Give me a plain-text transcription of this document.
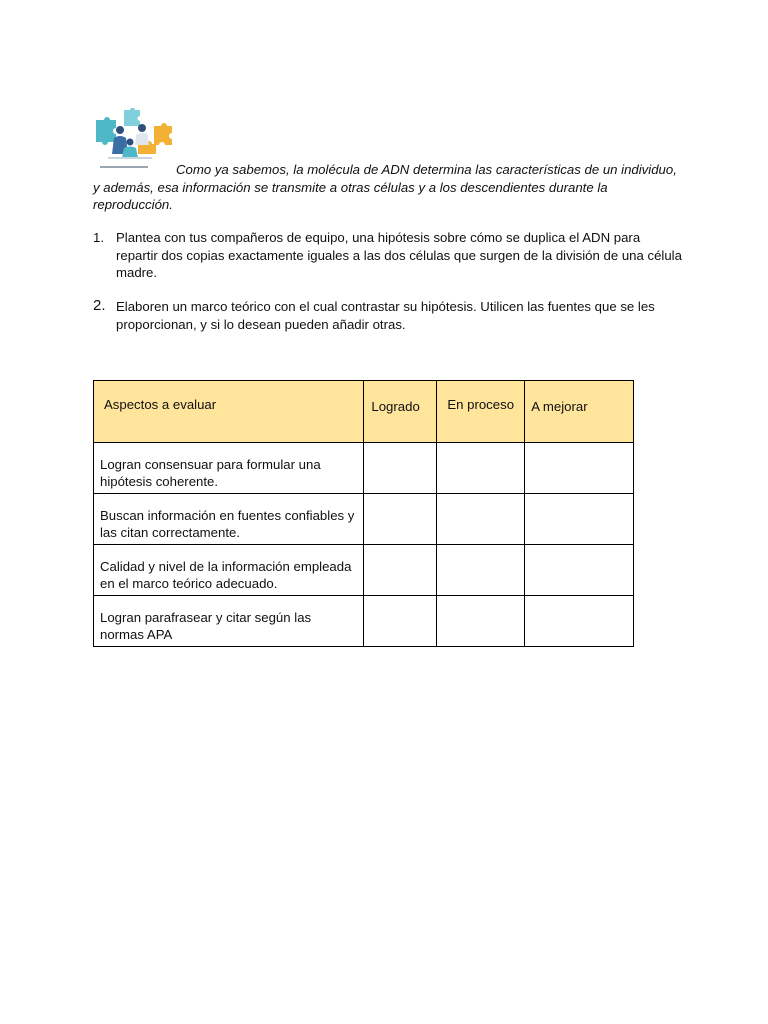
Como ya sabemos, la molécula de ADN determina las características de un individuo, y además, esa información se transmite a otras células y a los descendientes durante la reproducción.

1. Plantea con tus compañeros de equipo, una hipótesis sobre cómo se duplica el ADN para repartir dos copias exactamente iguales a las dos células que surgen de la división de una célula madre.
2. Elaboren un marco teórico con el cual contrastar su hipótesis. Utilicen las fuentes que se les proporcionan, y si lo desean pueden añadir otras.
Aspectos a evaluar	Logrado	En proceso	A mejorar

Logran consensuar para formular una hipótesis coherente.			
Buscan información en fuentes confiables y las citan correctamente.			
Calidad y nivel de la información empleada en el marco teórico adecuado.			
Logran parafrasear y citar según las normas APA			
